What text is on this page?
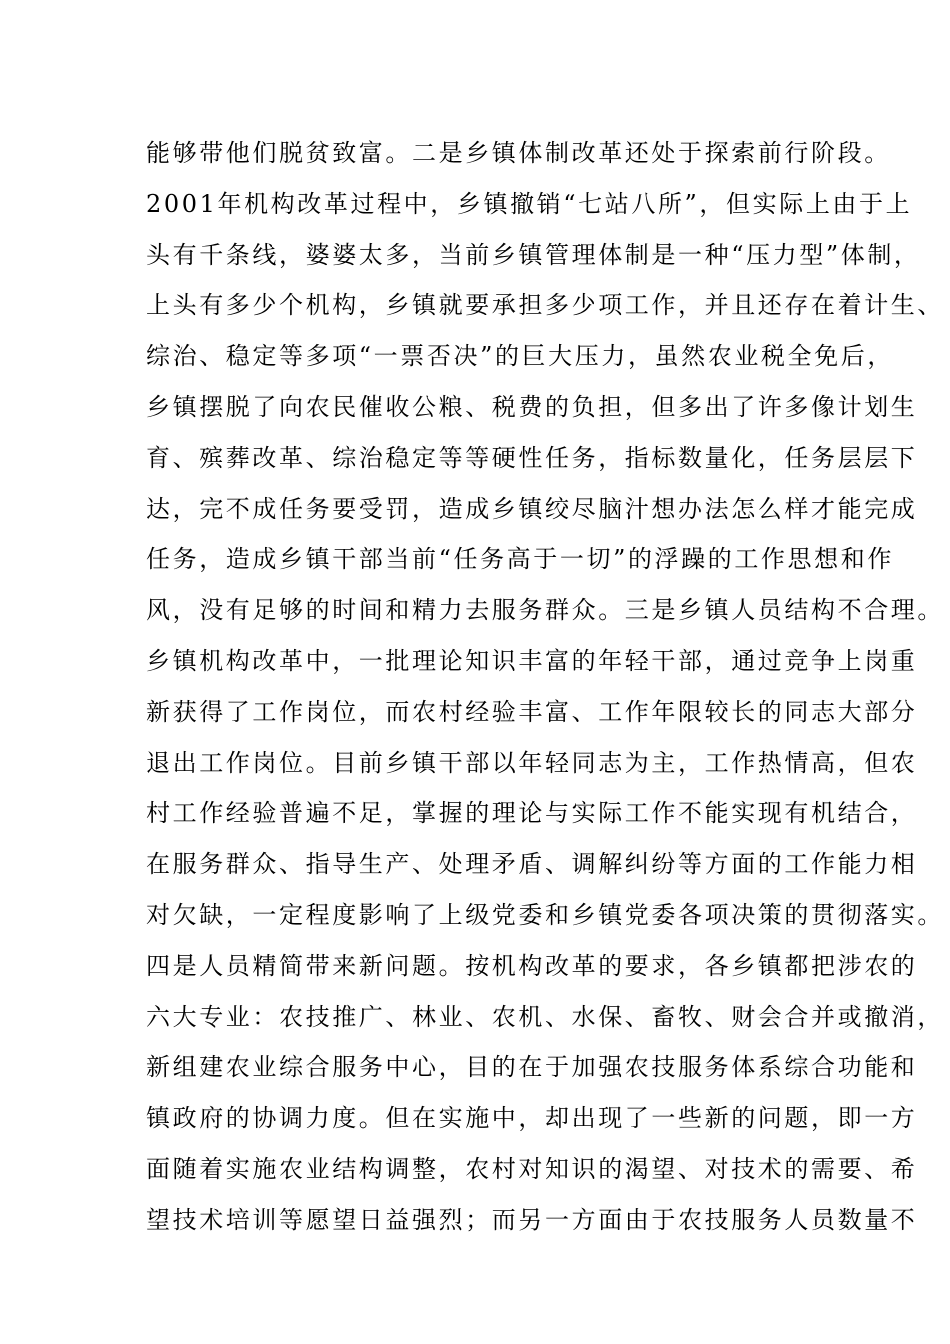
能够带他们脱贫致富。二是乡镇体制改革还处于探索前行阶段。
2001年机构改革过程中，乡镇撤销“七站八所”，但实际上由于上
头有千条线，婆婆太多，当前乡镇管理体制是一种“压力型”体制，
上头有多少个机构，乡镇就要承担多少项工作，并且还存在着计生、
综治、稳定等多项“一票否决”的巨大压力，虽然农业税全免后，
乡镇摆脱了向农民催收公粮、税费的负担，但多出了许多像计划生
育、殡葬改革、综治稳定等等硬性任务，指标数量化，任务层层下
达，完不成任务要受罚，造成乡镇绞尽脑汁想办法怎么样才能完成
任务，造成乡镇干部当前“任务高于一切”的浮躁的工作思想和作
风，没有足够的时间和精力去服务群众。三是乡镇人员结构不合理。
乡镇机构改革中，一批理论知识丰富的年轻干部，通过竞争上岗重
新获得了工作岗位，而农村经验丰富、工作年限较长的同志大部分
退出工作岗位。目前乡镇干部以年轻同志为主，工作热情高，但农
村工作经验普遍不足，掌握的理论与实际工作不能实现有机结合，
在服务群众、指导生产、处理矛盾、调解纠纷等方面的工作能力相
对欠缺，一定程度影响了上级党委和乡镇党委各项决策的贯彻落实。
四是人员精简带来新问题。按机构改革的要求，各乡镇都把涉农的
六大专业：农技推广、林业、农机、水保、畜牧、财会合并或撤消，
新组建农业综合服务中心，目的在于加强农技服务体系综合功能和
镇政府的协调力度。但在实施中，却出现了一些新的问题，即一方
面随着实施农业结构调整，农村对知识的渴望、对技术的需要、希
望技术培训等愿望日益强烈；而另一方面由于农技服务人员数量不
